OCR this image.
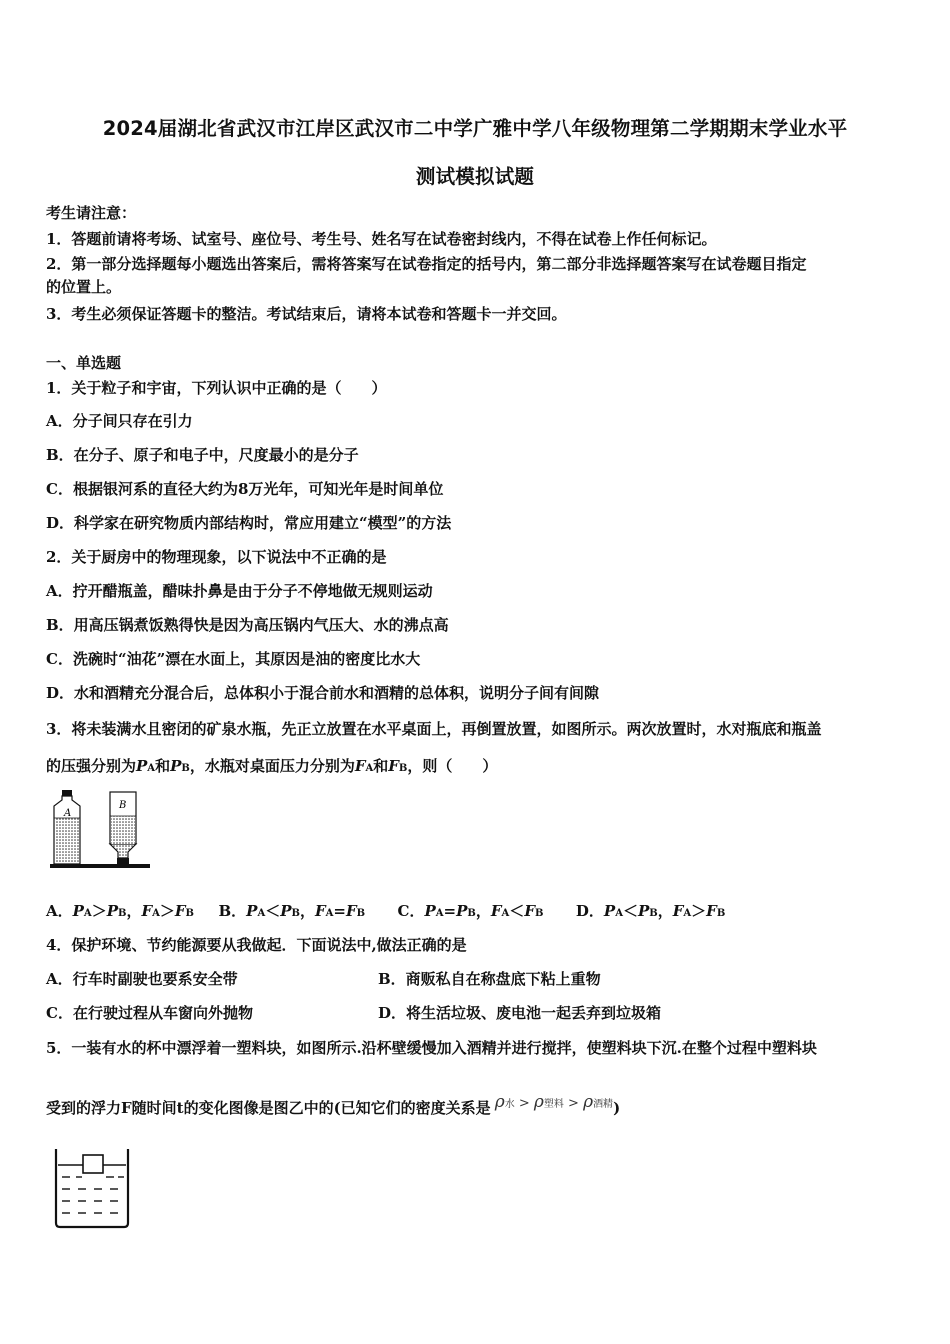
2024届湖北省武汉市江岸区武汉市二中学广雅中学八年级物理第二学期期末学业水平
测试模拟试题
考生请注意：
1．答题前请将考场、试室号、座位号、考生号、姓名写在试卷密封线内，不得在试卷上作任何标记。
2．第一部分选择题每小题选出答案后，需将答案写在试卷指定的括号内，第二部分非选择题答案写在试卷题目指定
的位置上。
3．考生必须保证答题卡的整洁。考试结束后，请将本试卷和答题卡一并交回。
一、单选题
1．关于粒子和宇宙，下列认识中正确的是（　　）
A．分子间只存在引力
B．在分子、原子和电子中，尺度最小的是分子
C．根据银河系的直径大约为8万光年，可知光年是时间单位
D．科学家在研究物质内部结构时，常应用建立“模型”的方法
2．关于厨房中的物理现象，以下说法中不正确的是
A．拧开醋瓶盖，醋味扑鼻是由于分子不停地做无规则运动
B．用高压锅煮饭熟得快是因为高压锅内气压大、水的沸点高
C．洗碗时“油花”漂在水面上，其原因是油的密度比水大
D．水和酒精充分混合后，总体积小于混合前水和酒精的总体积，说明分子间有间隙
3．将未装满水且密闭的矿泉水瓶，先正立放置在水平桌面上，再倒置放置，如图所示。两次放置时，水对瓶底和瓶盖
的压强分别为PA和PB，水瓶对桌面压力分别为FA和FB，则（　　）
A
B
A．PA＞PB，FA＞FB B．PA＜PB，FA=FB C．PA=PB，FA＜FB D．PA＜PB，FA＞FB
4．保护环境、节约能源要从我做起．下面说法中,做法正确的是
A．行车时副驶也要系安全带	B．商贩私自在称盘底下粘上重物
C．在行驶过程从车窗向外抛物	D．将生活垃圾、废电池一起丢弃到垃圾箱
5．一装有水的杯中漂浮着一塑料块，如图所示.沿杯壁缓慢加入酒精并进行搅拌，使塑料块下沉.在整个过程中塑料块
受到的浮力F随时间t的变化图像是图乙中的(已知它们的密度关系是 ρ水 > ρ塑料 > ρ酒精)
